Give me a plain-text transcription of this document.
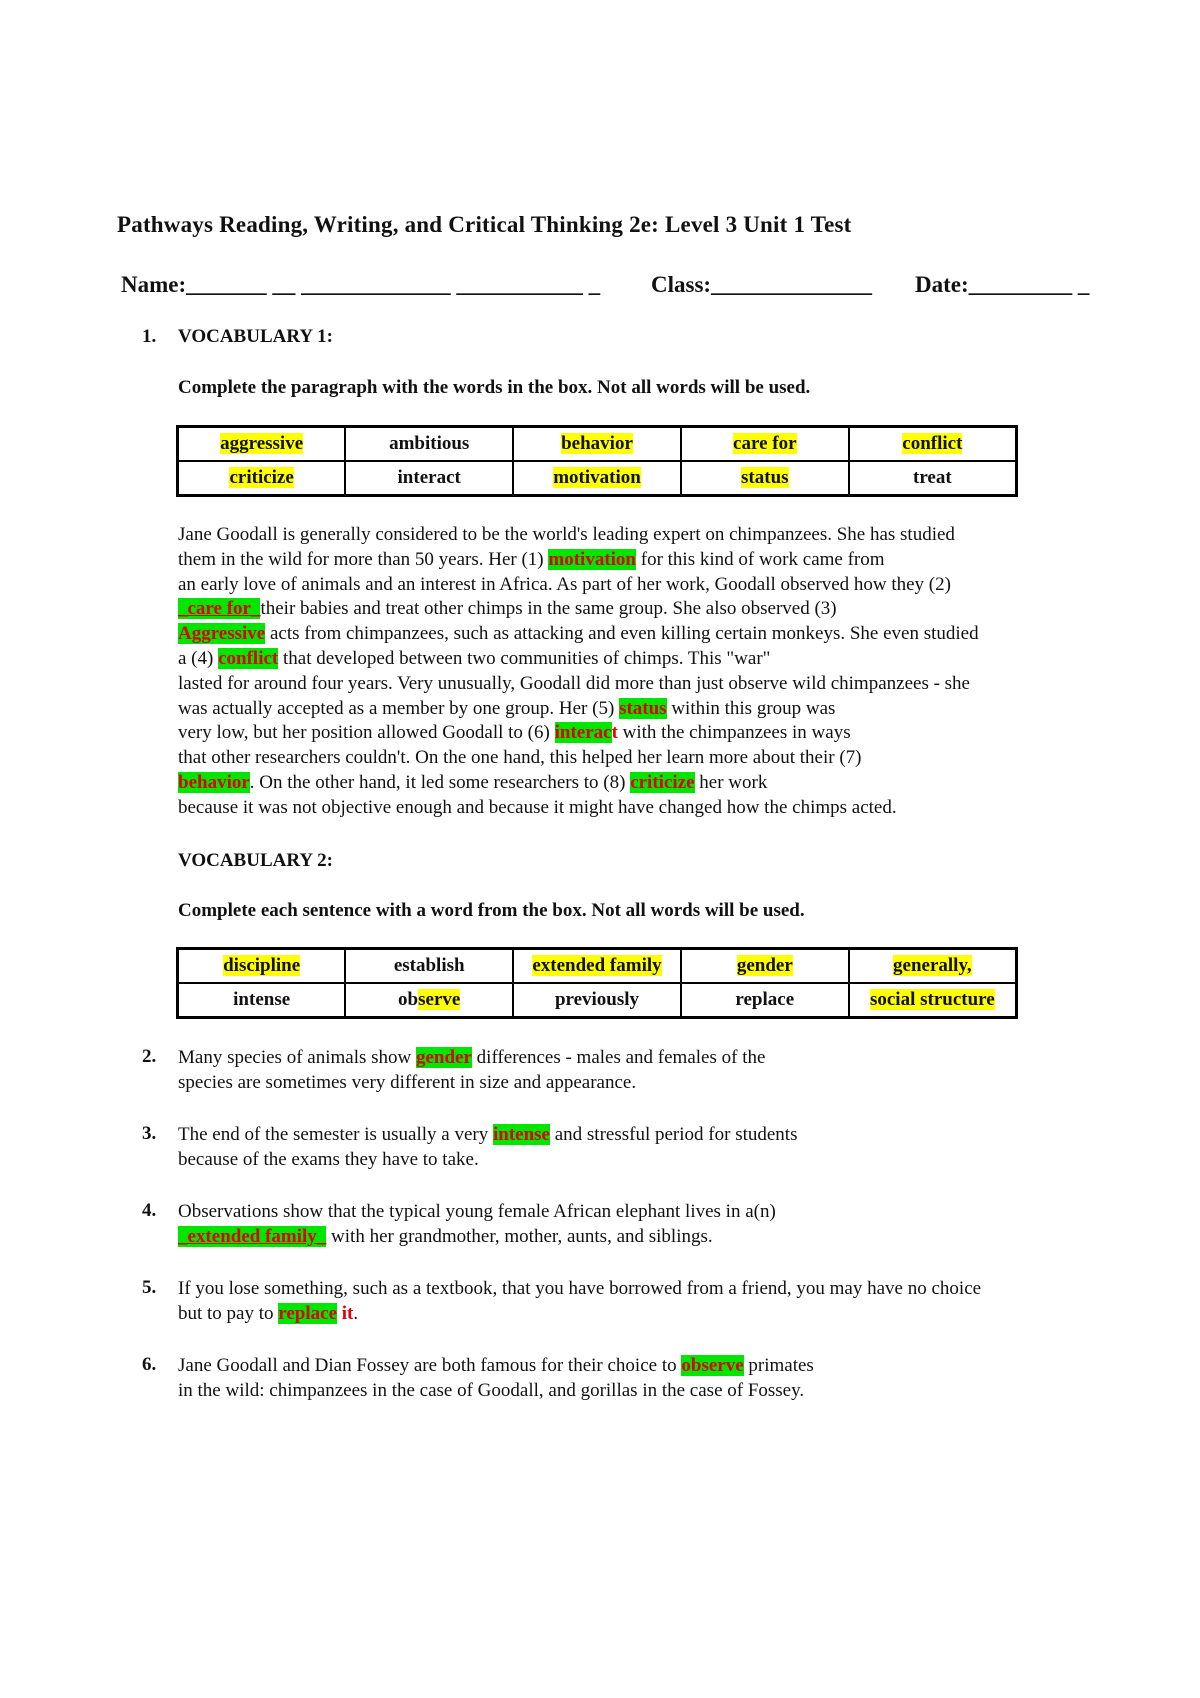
Pathways Reading, Writing, and Critical Thinking 2e: Level 3 Unit 1 Test
Name:_______ __ _____________ ___________ _ Class:______________ Date:_________ _
1. VOCABULARY 1:
Complete the paragraph with the words in the box. Not all words will be used.
aggressive	ambitious	behavior	care for	conflict
criticize	interact	motivation	status	treat
Jane Goodall is generally considered to be the world's leading expert on chimpanzees. She has studied
them in the wild for more than 50 years. Her (1) motivation for this kind of work came from
an early love of animals and an interest in Africa. As part of her work, Goodall observed how they (2)
_care for_their babies and treat other chimps in the same group. She also observed (3)
Aggressive acts from chimpanzees, such as attacking and even killing certain monkeys. She even studied
a (4) conflict that developed between two communities of chimps. This "war"
lasted for around four years. Very unusually, Goodall did more than just observe wild chimpanzees - she
was actually accepted as a member by one group. Her (5) status within this group was
very low, but her position allowed Goodall to (6) interact with the chimpanzees in ways
that other researchers couldn't. On the one hand, this helped her learn more about their (7)
behavior. On the other hand, it led some researchers to (8) criticize her work
because it was not objective enough and because it might have changed how the chimps acted.
VOCABULARY 2:
Complete each sentence with a word from the box. Not all words will be used.
discipline	establish	extended family	gender	generally,
intense	observe	previously	replace	social structure
2. Many species of animals show gender differences - males and females of the
species are sometimes very different in size and appearance.
3. The end of the semester is usually a very intense and stressful period for students
because of the exams they have to take.
4. Observations show that the typical young female African elephant lives in a(n)
_extended family_ with her grandmother, mother, aunts, and siblings.
5. If you lose something, such as a textbook, that you have borrowed from a friend, you may have no choice
but to pay to replace it.
6. Jane Goodall and Dian Fossey are both famous for their choice to observe primates
in the wild: chimpanzees in the case of Goodall, and gorillas in the case of Fossey.
